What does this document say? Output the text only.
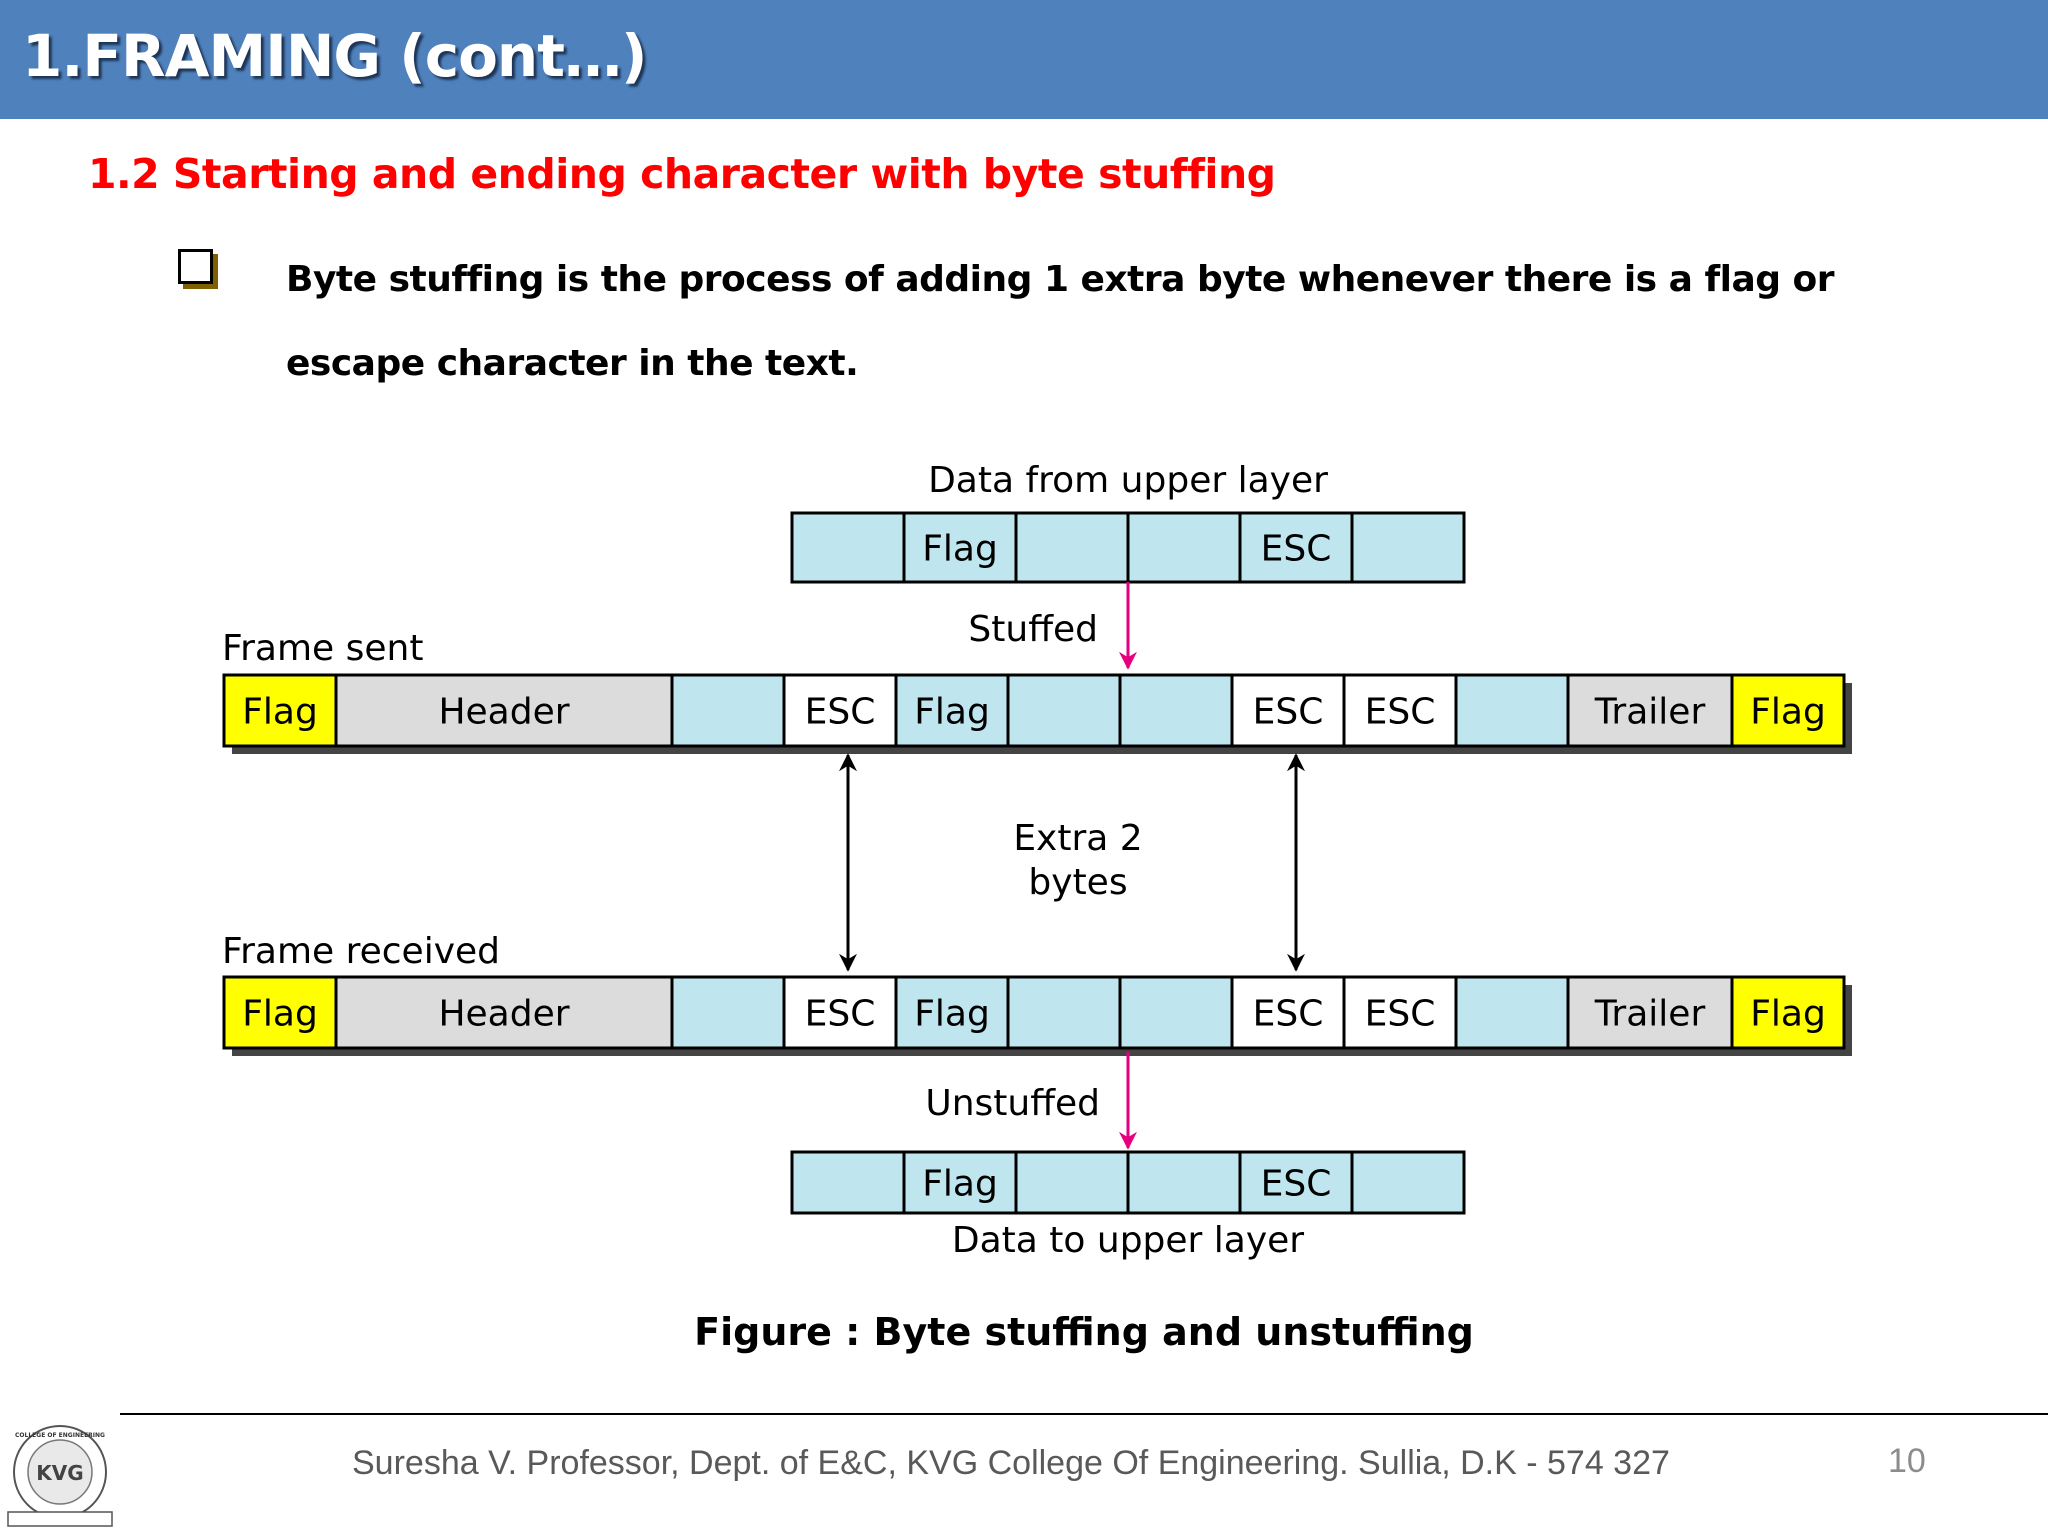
1.FRAMING (cont…)
1.2 Starting and ending character with byte stuffing

Byte stuffing is the process of adding 1 extra byte whenever there is a flag or escape character in the text.

Data from upper layer
Flag	ESC
Stuffed
Frame sent
Flag	Header	ESC Flag	ESC ESC	Trailer Flag
Extra 2
bytes
Frame received
Flag	Header	ESC Flag	ESC ESC	Trailer Flag
Unstuffed
Flag	ESC
Data to upper layer

Figure : Byte stuffing and unstuffing

COLLEGE OF ENGINEERING
KVG	Suresha V. Professor, Dept. of E&C, KVG College Of Engineering. Sullia, D.K - 574 327	10
